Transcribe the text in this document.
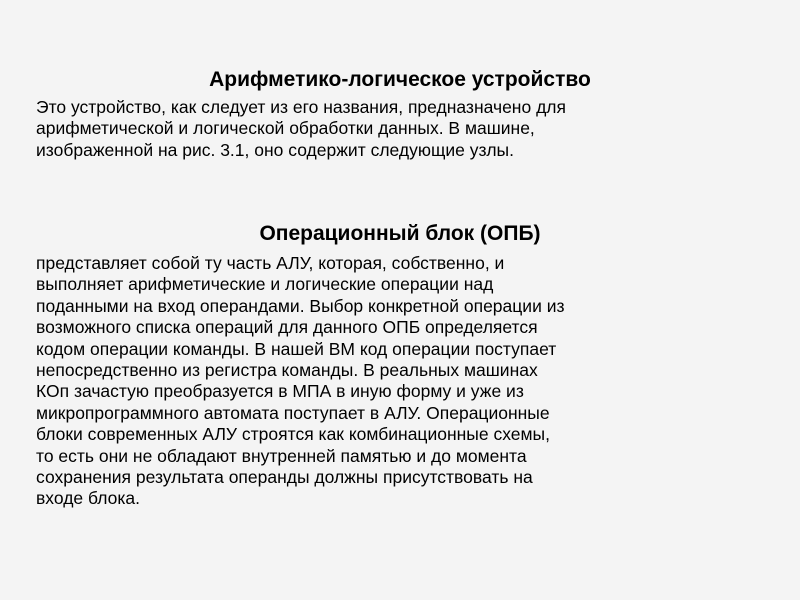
Арифметико-логическое устройство

Это устройство, как следует из его названия, предназначено для
арифметической и логической обработки данных. В машине,
изображенной на рис. 3.1, оно содержит следующие узлы.

Операционный блок (ОПБ)

представляет собой ту часть АЛУ, которая, собственно, и
выполняет арифметические и логические операции над
поданными на вход операндами. Выбор конкретной операции из
возможного списка операций для данного ОПБ определяется
кодом операции команды. В нашей ВМ код операции поступает
непосредственно из регистра команды. В реальных машинах
КОп зачастую преобразуется в МПА в иную форму и уже из
микропрограммного автомата поступает в АЛУ. Операционные
блоки современных АЛУ строятся как комбинационные схемы,
то есть они не обладают внутренней памятью и до момента
сохранения результата операнды должны присутствовать на
входе блока.
